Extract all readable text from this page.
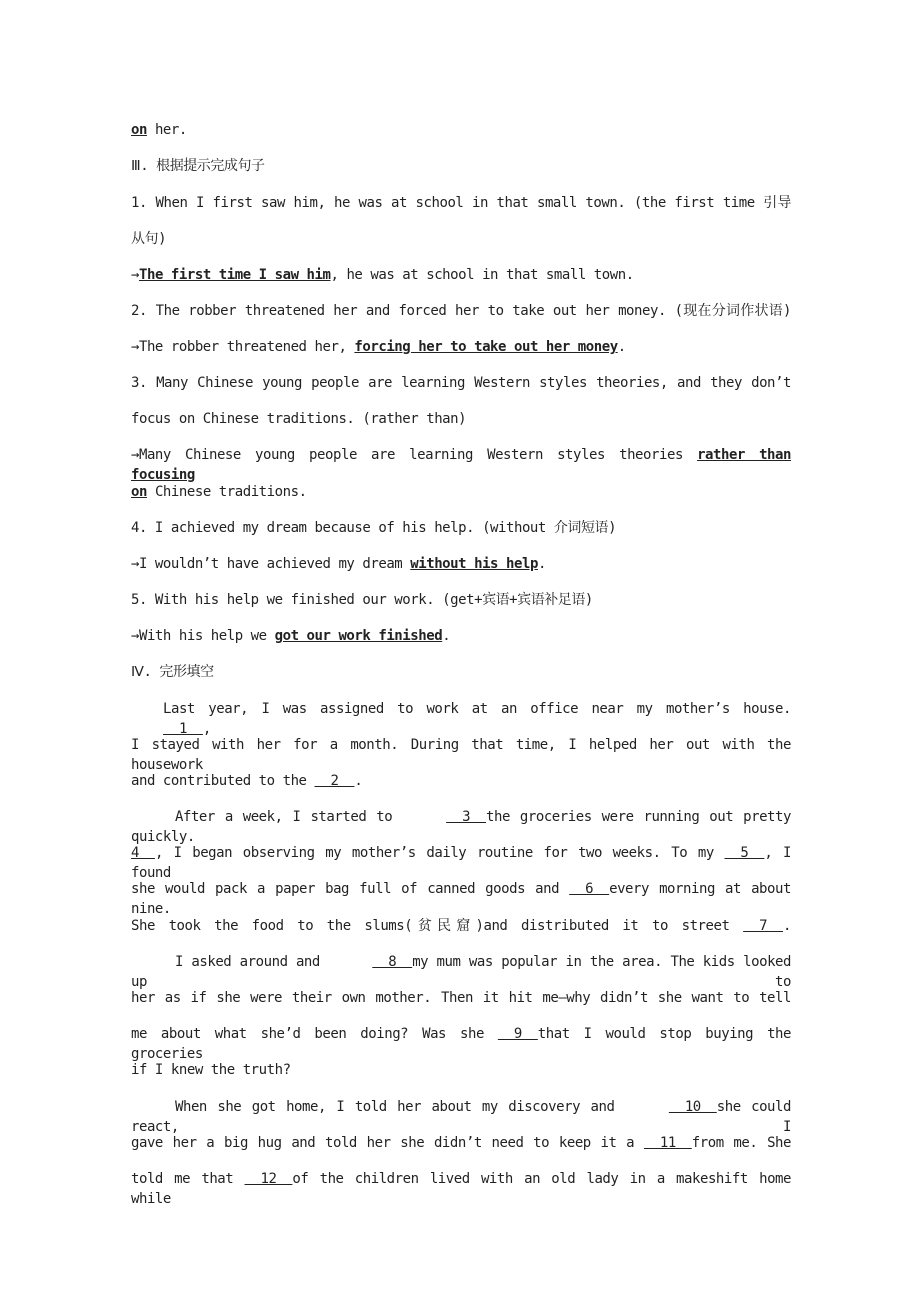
on her.
Ⅲ. 根据提示完成句子
1. When I first saw him, he was at school in that small town. (the first time 引导
从句)
→The first time I saw him, he was at school in that small town.
2. The robber threatened her and forced her to take out her money. (现在分词作状语)
→The robber threatened her, forcing her to take out her money.
3. Many Chinese young people are learning Western styles theories, and they don’t
focus on Chinese traditions. (rather than)
→Many Chinese young people are learning Western styles theories rather than focusing
on Chinese traditions.
4. I achieved my dream because of his help. (without 介词短语)
→I wouldn’t have achieved my dream without his help.
5. With his help we finished our work. (get+宾语+宾语补足语)
→With his help we got our work finished.
Ⅳ. 完形填空
Last year, I was assigned to work at an office near my mother’s house.   1  ,
I stayed with her for a month. During that time, I helped her out with the housework
and contributed to the   2  .
After a week, I started to	3  the groceries were running out pretty quickly.
4  , I began observing my mother’s daily routine for two weeks. To my   5  , I found
she would pack a paper bag full of canned goods and   6  every morning at about nine.
She took the food to the slums(贫民窟)and distributed it to street   7  .
I asked around and	8  my mum was popular in the area. The kids looked up to
her as if she were their own mother. Then it hit me—why didn’t she want to tell
me about what she’d been doing? Was she   9  that I would stop buying the groceries
if I knew the truth?
When she got home, I told her about my discovery and	10  she could react, I
gave her a big hug and told her she didn’t need to keep it a   11  from me. She
told me that   12  of the children lived with an old lady in a makeshift home while
